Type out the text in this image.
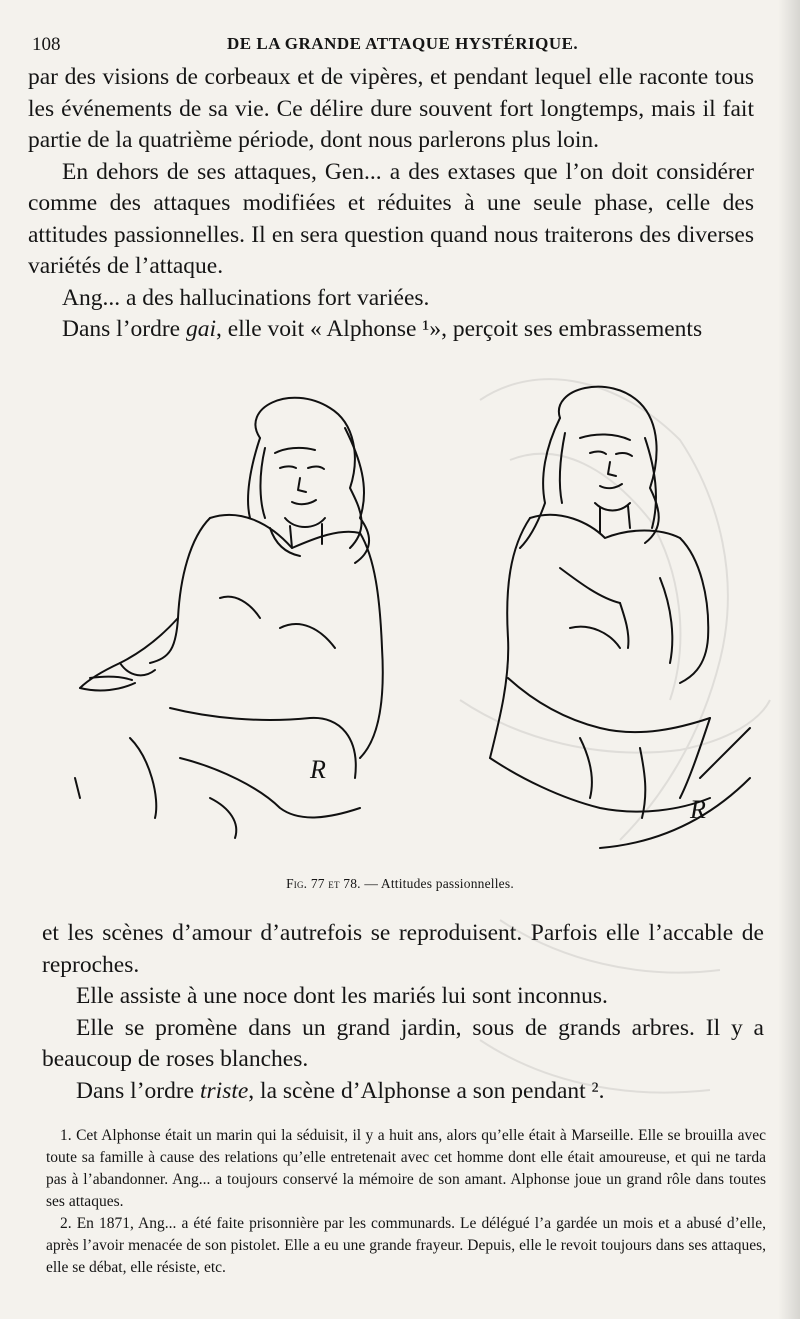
108	DE LA GRANDE ATTAQUE HYSTÉRIQUE.

par des visions de corbeaux et de vipères, et pendant lequel elle raconte tous les événements de sa vie. Ce délire dure souvent fort longtemps, mais il fait partie de la quatrième période, dont nous parlerons plus loin.

En dehors de ses attaques, Gen... a des extases que l’on doit considérer comme des attaques modifiées et réduites à une seule phase, celle des attitudes passionnelles. Il en sera question quand nous traiterons des diverses variétés de l’attaque.

Ang... a des hallucinations fort variées.

Dans l’ordre gai, elle voit « Alphonse ¹», perçoit ses embrassements

R
R
Fig. 77 et 78. — Attitudes passionnelles.

et les scènes d’amour d’autrefois se reproduisent. Parfois elle l’accable de reproches.

Elle assiste à une noce dont les mariés lui sont inconnus.

Elle se promène dans un grand jardin, sous de grands arbres. Il y a beaucoup de roses blanches.

Dans l’ordre triste, la scène d’Alphonse a son pendant ².

1. Cet Alphonse était un marin qui la séduisit, il y a huit ans, alors qu’elle était à Marseille. Elle se brouilla avec toute sa famille à cause des relations qu’elle entretenait avec cet homme dont elle était amoureuse, et qui ne tarda pas à l’abandonner. Ang... a toujours conservé la mémoire de son amant. Alphonse joue un grand rôle dans toutes ses attaques.

2. En 1871, Ang... a été faite prisonnière par les communards. Le délégué l’a gardée un mois et a abusé d’elle, après l’avoir menacée de son pistolet. Elle a eu une grande frayeur. Depuis, elle le revoit toujours dans ses attaques, elle se débat, elle résiste, etc.
